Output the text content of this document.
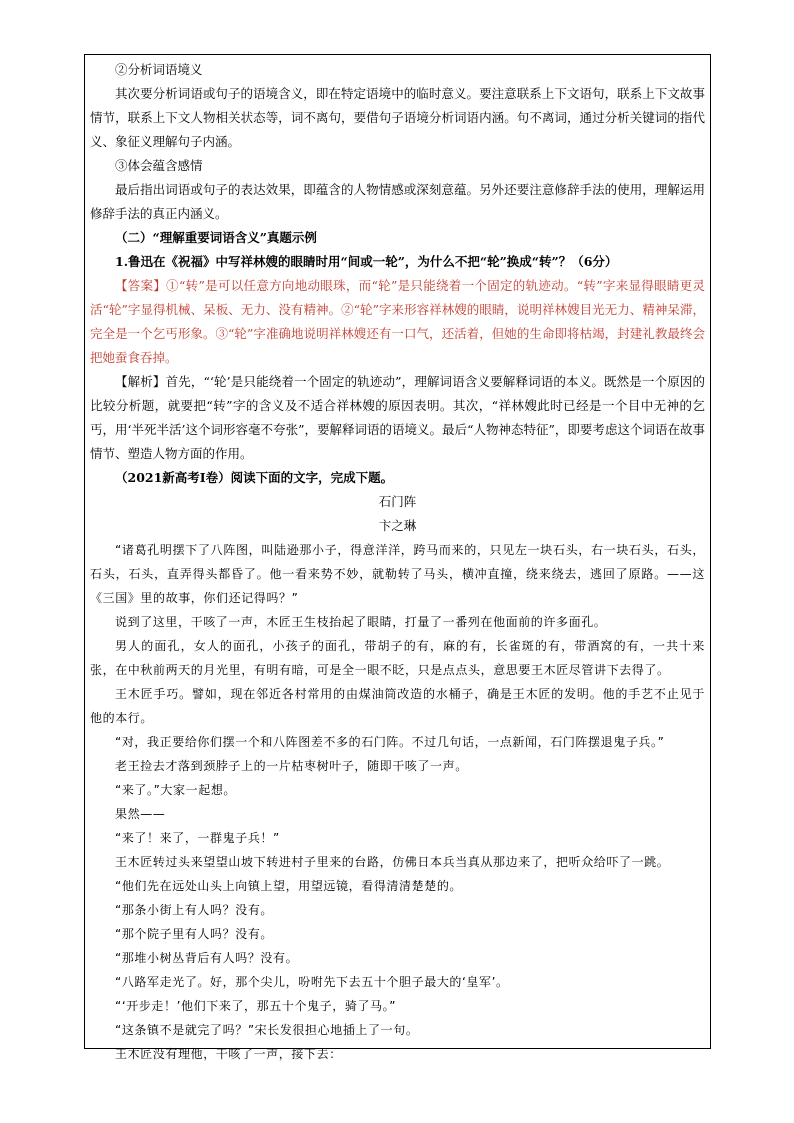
②分析词语境义

其次要分析词语或句子的语境含义，即在特定语境中的临时意义。要注意联系上下文语句，联系上下文故事情节，联系上下文人物相关状态等，词不离句，要借句子语境分析词语内涵。句不离词，通过分析关键词的指代义、象征义理解句子内涵。

③体会蕴含感情

最后指出词语或句子的表达效果，即蕴含的人物情感或深刻意蕴。另外还要注意修辞手法的使用，理解运用修辞手法的真正内涵义。

（二）“理解重要词语含义”真题示例

1.鲁迅在《祝福》中写祥林嫂的眼睛时用“间或一轮”，为什么不把“轮”换成“转”？（6分）

【答案】①“转”是可以任意方向地动眼珠，而“轮”是只能绕着一个固定的轨迹动。“转”字来显得眼睛更灵活“轮”字显得机械、呆板、无力、没有精神。②“轮”字来形容祥林嫂的眼睛，说明祥林嫂目光无力、精神呆滞，完全是一个乞丐形象。③“轮”字准确地说明祥林嫂还有一口气，还活着，但她的生命即将枯竭，封建礼教最终会把她蚕食吞掉。

【解析】首先，“‘轮’是只能绕着一个固定的轨迹动”，理解词语含义要解释词语的本义。既然是一个原因的比较分析题，就要把“转”字的含义及不适合祥林嫂的原因表明。其次，“祥林嫂此时已经是一个目中无神的乞丐，用‘半死半活’这个词形容毫不夸张”，要解释词语的语境义。最后“人物神态特征”，即要考虑这个词语在故事情节、塑造人物方面的作用。

（2021新高考Ⅰ卷）阅读下面的文字，完成下题。

石门阵

卞之琳

“诸葛孔明摆下了八阵图，叫陆逊那小子，得意洋洋，跨马而来的，只见左一块石头，右一块石头，石头，石头，石头，直弄得头都昏了。他一看来势不妙，就勒转了马头，横冲直撞，绕来绕去，逃回了原路。——这《三国》里的故事，你们还记得吗？”

说到了这里，干咳了一声，木匠王生枝抬起了眼睛，打量了一番列在他面前的许多面孔。

男人的面孔，女人的面孔，小孩子的面孔，带胡子的有，麻的有，长雀斑的有，带酒窝的有，一共十来张，在中秋前两天的月光里，有明有暗，可是全一眼不眨，只是点点头，意思要王木匠尽管讲下去得了。

王木匠手巧。譬如，现在邻近各村常用的由煤油筒改造的水桶子，确是王木匠的发明。他的手艺不止见于他的本行。

“对，我正要给你们摆一个和八阵图差不多的石门阵。不过几句话，一点新闻，石门阵摆退鬼子兵。”

老王捡去才落到颈脖子上的一片枯枣树叶子，随即干咳了一声。

“来了。”大家一起想。

果然——

“来了！来了，一群鬼子兵！”

王木匠转过头来望望山坡下转进村子里来的台路，仿佛日本兵当真从那边来了，把听众给吓了一跳。

“他们先在远处山头上向镇上望，用望远镜，看得清清楚楚的。

“那条小街上有人吗？没有。

“那个院子里有人吗？没有。

“那堆小树丛背后有人吗？没有。

“八路军走光了。好，那个尖儿，吩咐先下去五十个胆子最大的‘皇军’。

“‘开步走！’他们下来了，那五十个鬼子，骑了马。”

“这条镇不是就完了吗？”宋长发很担心地插上了一句。

王木匠没有理他，干咳了一声，接下去：
